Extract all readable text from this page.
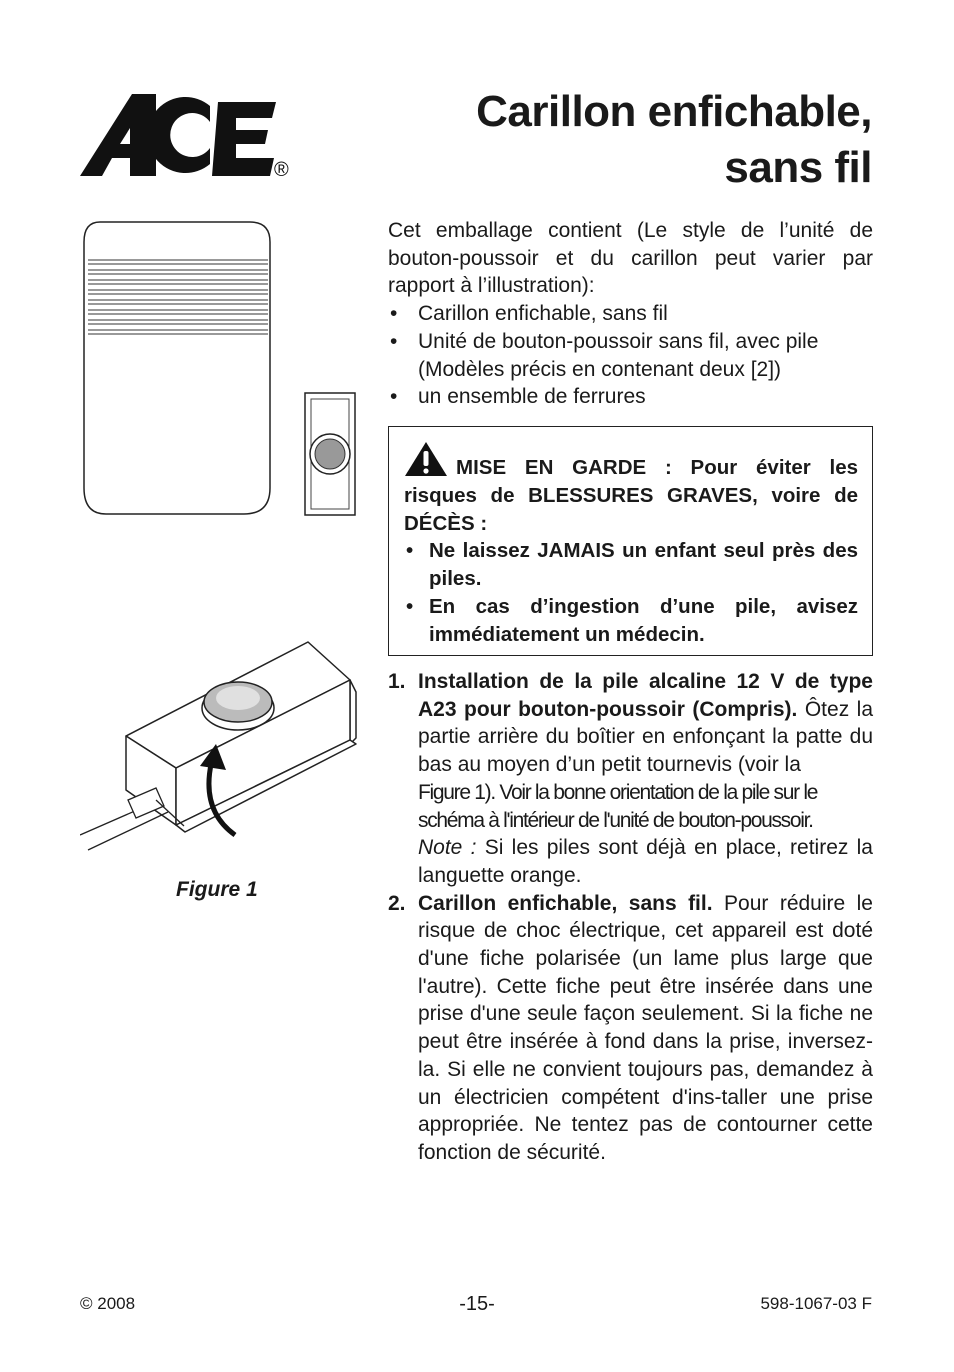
®
Carillon enfichable,
sans fil

Figure 1

Cet emballage contient (Le style de l’unité de bouton-poussoir et du carillon peut varier par rapport à l’illustration):

• Carillon enfichable, sans fil
• Unité de bouton-poussoir sans fil, avec pile (Modèles précis en contenant deux [2])
• un ensemble de ferrures

MISE EN GARDE : Pour éviter les risques de BLESSURES GRAVES, voire de DÉCÈS :

• Ne laissez JAMAIS un enfant seul près des piles.
• En cas d’ingestion d’une pile, avisez immédiatement un médecin.
1. Installation de la pile alcaline 12 V de type A23 pour bouton-poussoir (Compris). Ôtez la partie arrière du boîtier en enfonçant la patte du bas au moyen d’un petit tournevis (voir la

Figure 1). Voir la bonne orientation de la pile sur le schéma à l'intérieur de l'unité de bouton-poussoir.

Note : Si les piles sont déjà en place, retirez la languette orange.

2. Carillon enfichable, sans fil. Pour réduire le risque de choc électrique, cet appareil est doté d'une fiche polarisée (un lame plus large que l'autre). Cette fiche peut être insérée dans une prise d'une seule façon seulement. Si la fiche ne peut être insérée à fond dans la prise, inversez-la. Si elle ne convient toujours pas, demandez à un électricien compétent d'ins-taller une prise appropriée. Ne tentez pas de contourner cette fonction de sécurité.

© 2008	-15-	598-1067-03 F
